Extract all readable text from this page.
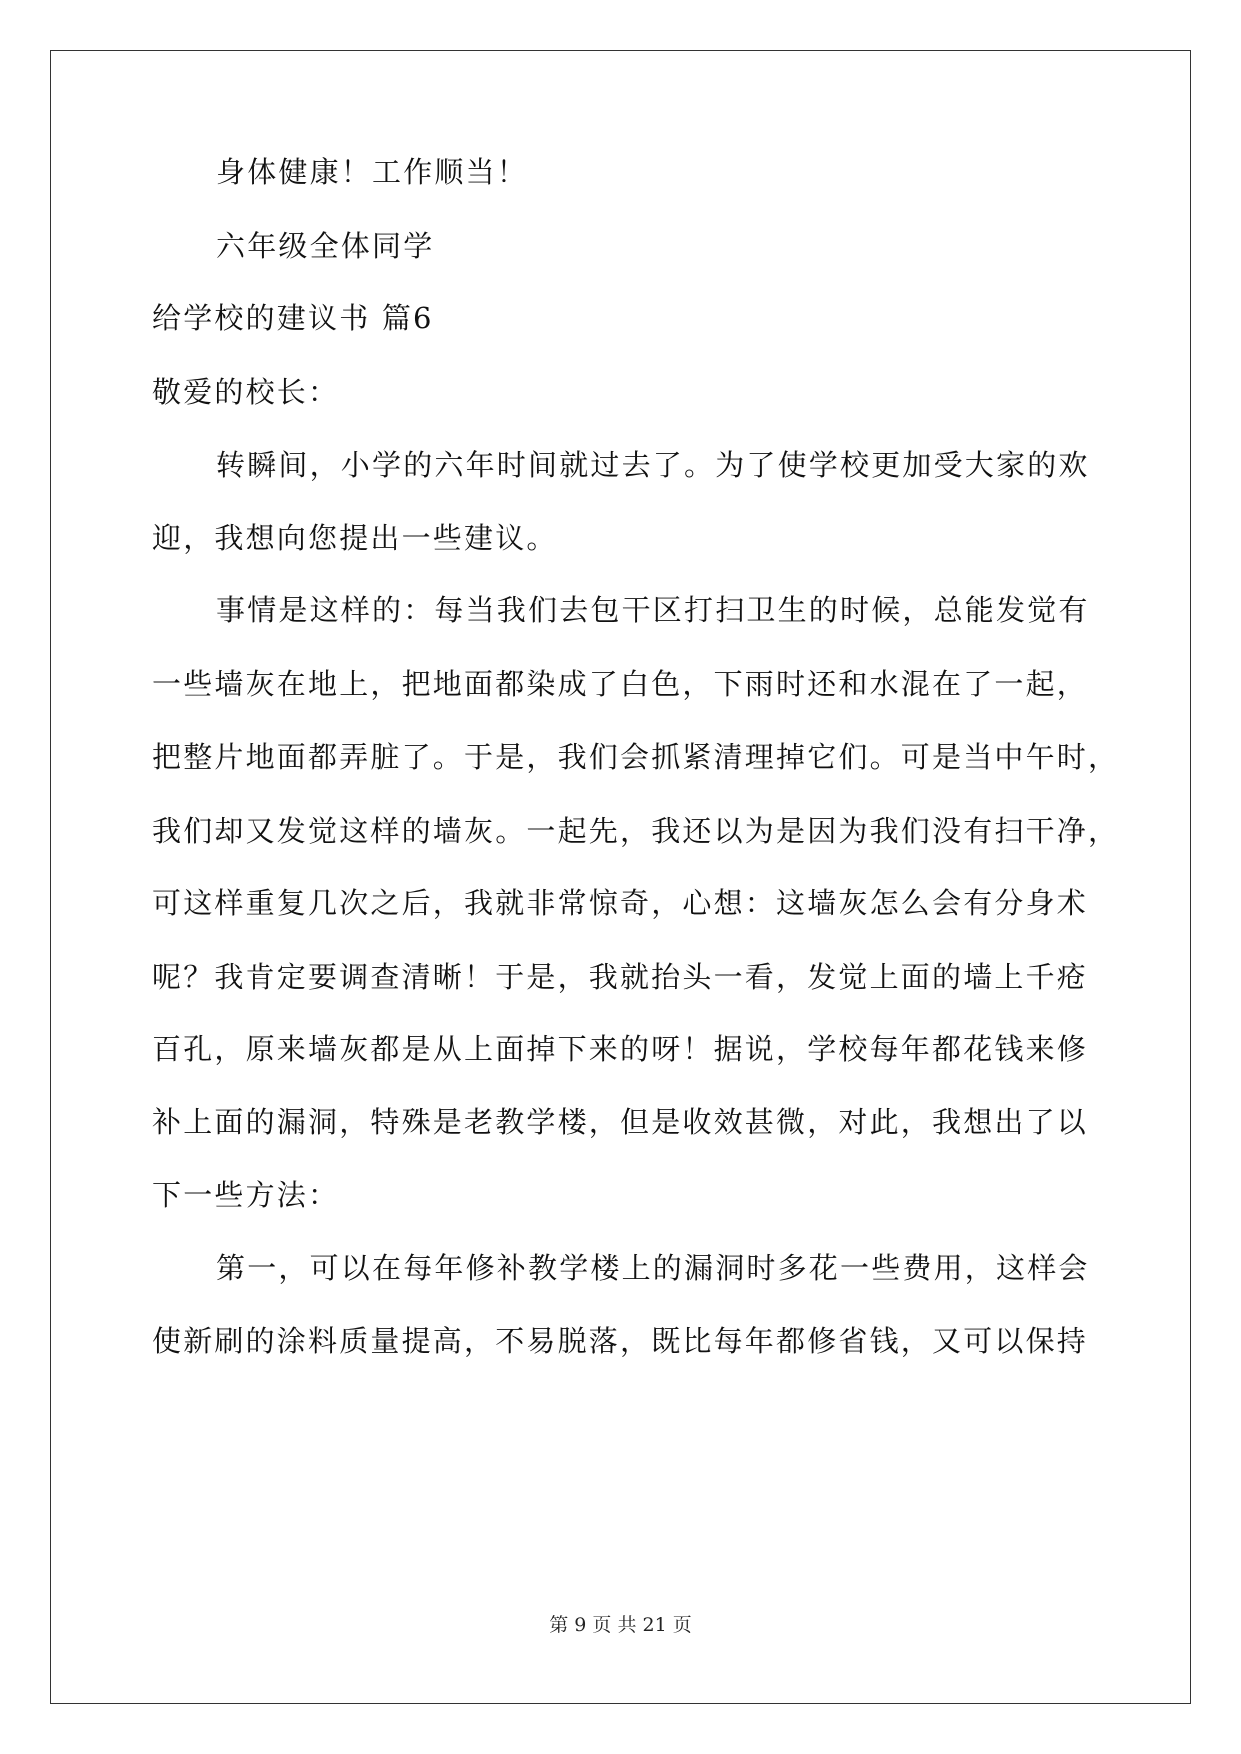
身体健康！工作顺当！
六年级全体同学
给学校的建议书 篇6
敬爱的校长：
转瞬间，小学的六年时间就过去了。为了使学校更加受大家的欢
迎，我想向您提出一些建议。
事情是这样的：每当我们去包干区打扫卫生的时候，总能发觉有
一些墙灰在地上，把地面都染成了白色，下雨时还和水混在了一起，
把整片地面都弄脏了。于是，我们会抓紧清理掉它们。可是当中午时，
我们却又发觉这样的墙灰。一起先，我还以为是因为我们没有扫干净，
可这样重复几次之后，我就非常惊奇，心想：这墙灰怎么会有分身术
呢？我肯定要调查清晰！于是，我就抬头一看，发觉上面的墙上千疮
百孔，原来墙灰都是从上面掉下来的呀！据说，学校每年都花钱来修
补上面的漏洞，特殊是老教学楼，但是收效甚微，对此，我想出了以
下一些方法：
第一，可以在每年修补教学楼上的漏洞时多花一些费用，这样会
使新刷的涂料质量提高，不易脱落，既比每年都修省钱，又可以保持
第 9 页 共 21 页
